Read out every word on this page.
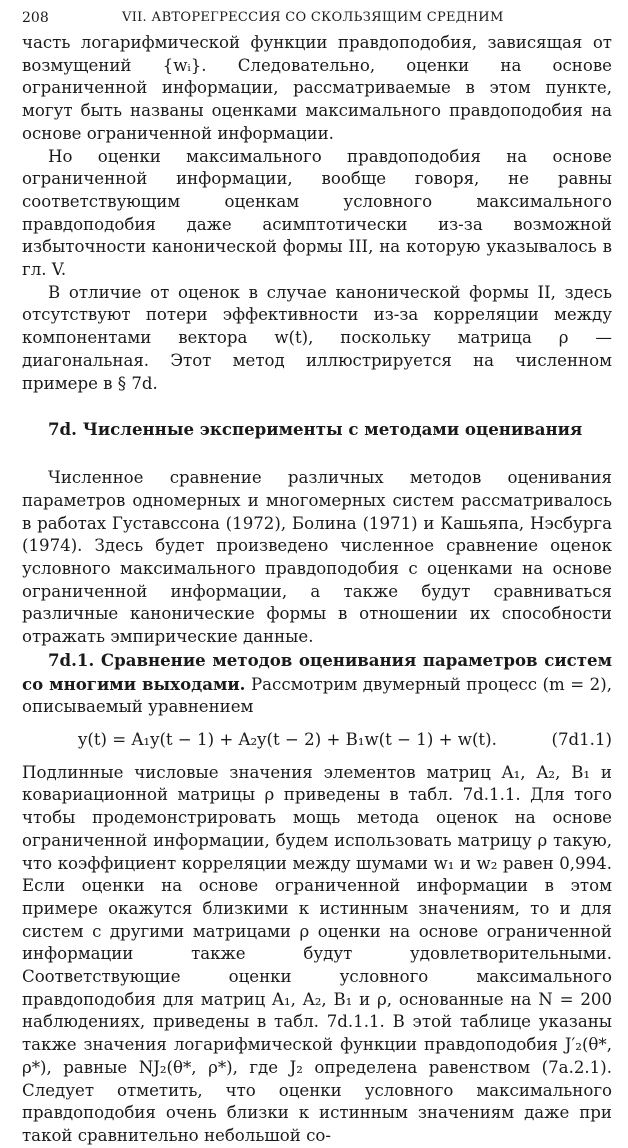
208	VII. АВТОРЕГРЕССИЯ СО СКОЛЬЗЯЩИМ СРЕДНИМ

часть логарифмической функции правдоподобия, зависящая от возмущений {wᵢ}. Следовательно, оценки на основе ограниченной информации, рассматриваемые в этом пункте, могут быть названы оценками максимального правдоподобия на основе ограниченной информации.

Но оценки максимального правдоподобия на основе ограниченной информации, вообще говоря, не равны соответствующим оценкам условного максимального правдоподобия даже асимптотически из-за возможной избыточности канонической формы III, на которую указывалось в гл. V.

В отличие от оценок в случае канонической формы II, здесь отсутствуют потери эффективности из-за корреляции между компонентами вектора w(t), поскольку матрица ρ — диагональная. Этот метод иллюстрируется на численном примере в § 7d.

7d. Численные эксперименты с методами оценивания

Численное сравнение различных методов оценивания параметров одномерных и многомерных систем рассматривалось в работах Густавссона (1972), Болина (1971) и Кашьяпа, Нэсбурга (1974). Здесь будет произведено численное сравнение оценок условного максимального правдоподобия с оценками на основе ограниченной информации, а также будут сравниваться различные канонические формы в отношении их способности отражать эмпирические данные.

7d.1. Сравнение методов оценивания параметров систем со многими выходами. Рассмотрим двумерный процесс (m = 2), описываемый уравнением

y(t) = A₁y(t − 1) + A₂y(t − 2) + B₁w(t − 1) + w(t).	(7d1.1)

Подлинные числовые значения элементов матриц A₁, A₂, B₁ и ковариационной матрицы ρ приведены в табл. 7d.1.1. Для того чтобы продемонстрировать мощь метода оценок на основе ограниченной информации, будем использовать матрицу ρ такую, что коэффициент корреляции между шумами w₁ и w₂ равен 0,994. Если оценки на основе ограниченной информации в этом примере окажутся близкими к истинным значениям, то и для систем с другими матрицами ρ оценки на основе ограниченной информации также будут удовлетворительными. Соответствующие оценки условного максимального правдоподобия для матриц A₁, A₂, B₁ и ρ, основанные на N = 200 наблюдениях, приведены в табл. 7d.1.1. В этой таблице указаны также значения логарифмической функции правдоподобия J′₂(θ*, ρ*), равные NJ₂(θ*, ρ*), где J₂ определена равенством (7a.2.1). Следует отметить, что оценки условного максимального правдоподобия очень близки к истинным значениям даже при такой сравнительно небольшой со-
